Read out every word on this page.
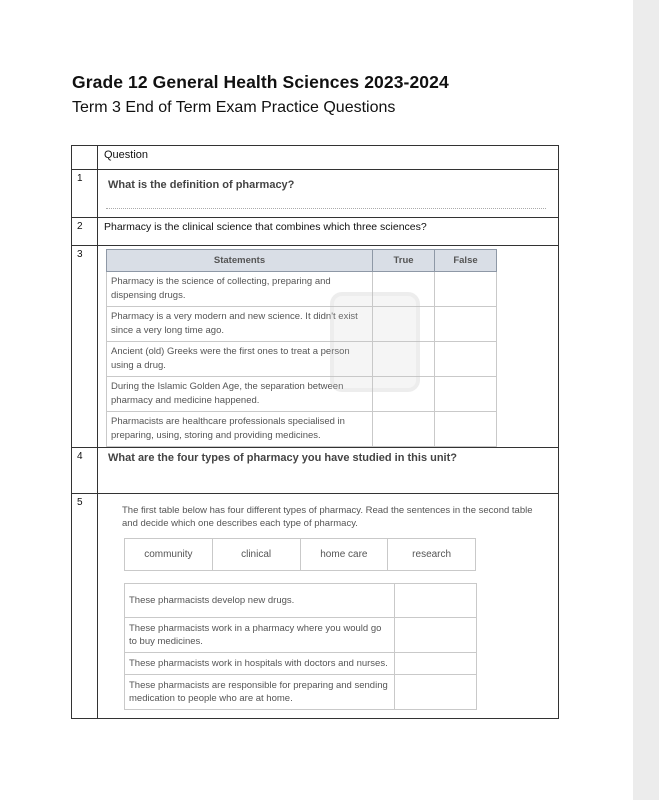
Grade 12 General Health Sciences 2023-2024
Term 3 End of Term Exam Practice Questions

Question

1	
What is the definition of pharmacy?

2	Pharmacy is the clinical science that combines which three sciences?

3	
Statements	True	False
Pharmacy is the science of collecting, preparing and dispensing drugs.		
Pharmacy is a very modern and new science. It didn't exist since a very long time ago.		
Ancient (old) Greeks were the first ones to treat a person using a drug.		
During the Islamic Golden Age, the separation between pharmacy and medicine happened.		
Pharmacists are healthcare professionals specialised in preparing, using, storing and providing medicines.		

4	What are the four types of pharmacy you have studied in this unit?

5	
The first table below has four different types of pharmacy. Read the sentences in the second table and decide which one describes each type of pharmacy.
community	clinical	home care	research
These pharmacists develop new drugs.	
These pharmacists work in a pharmacy where you would go to buy medicines.	
These pharmacists work in hospitals with doctors and nurses.	
These pharmacists are responsible for preparing and sending medication to people who are at home.	
